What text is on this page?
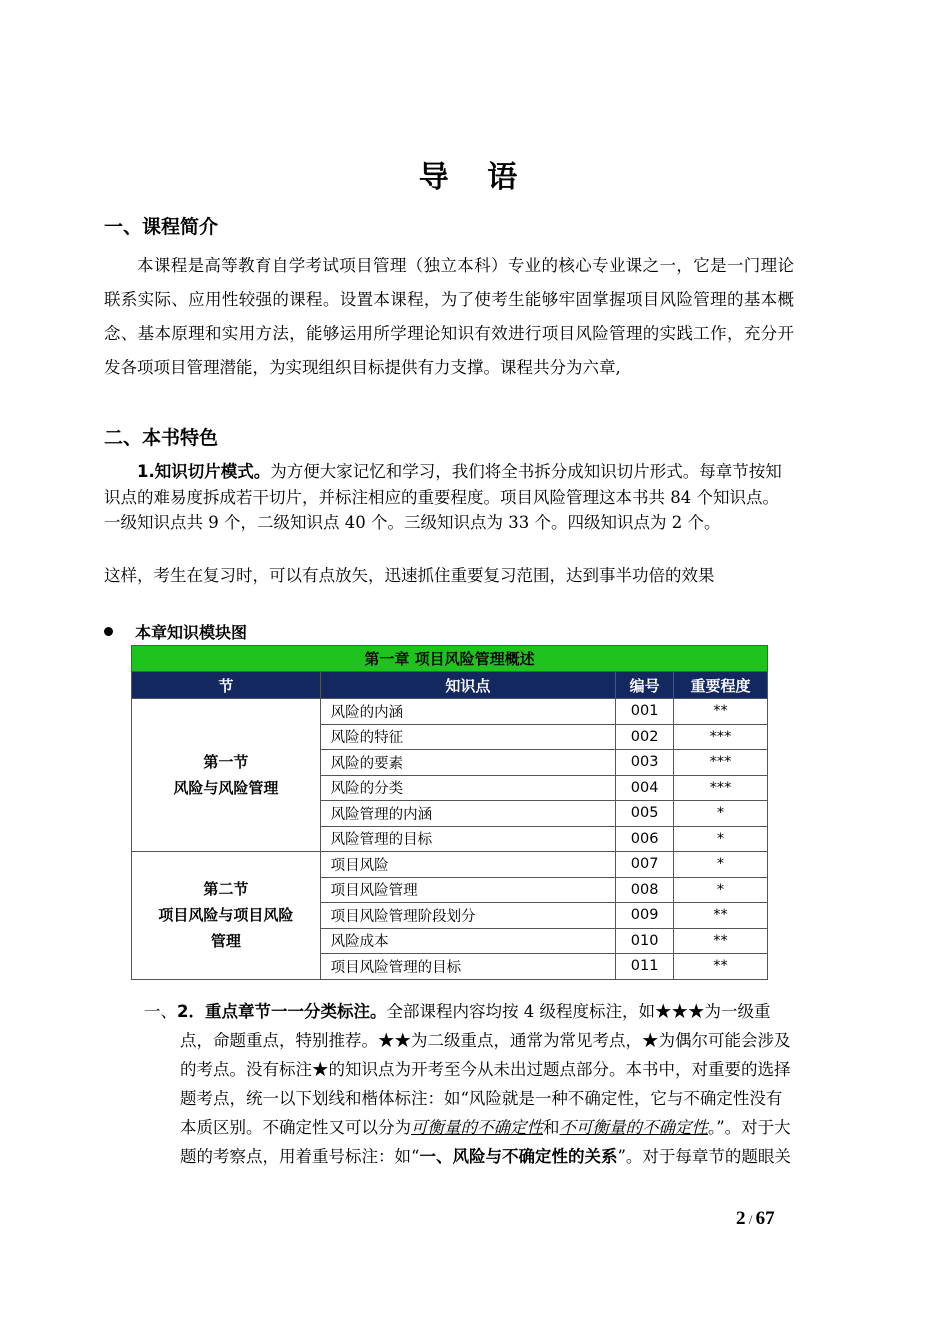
导 语
一、课程简介
本课程是高等教育自学考试项目管理（独立本科）专业的核心专业课之一，它是一门理论联系实际、应用性较强的课程。设置本课程，为了使考生能够牢固掌握项目风险管理的基本概念、基本原理和实用方法，能够运用所学理论知识有效进行项目风险管理的实践工作，充分开发各项项目管理潜能，为实现组织目标提供有力支撑。课程共分为六章,
二、本书特色
1.知识切片模式。为方便大家记忆和学习，我们将全书拆分成知识切片形式。每章节按知识点的难易度拆成若干切片，并标注相应的重要程度。项目风险管理这本书共 84 个知识点。一级知识点共 9 个，二级知识点 40 个。三级知识点为 33 个。四级知识点为 2 个。
这样，考生在复习时，可以有点放矢，迅速抓住重要复习范围，达到事半功倍的效果
本章知识模块图
第一章 项目风险管理概述			
节	知识点	编号	重要程度

第一节
风险与风险管理	风险的内涵	001	**
	风险的特征	002	***
	风险的要素	003	***
	风险的分类	004	***
	风险管理的内涵	005	*
	风险管理的目标	006	*

第二节
项目风险与项目风险
管理	项目风险	007	*
	项目风险管理	008	*
	项目风险管理阶段划分	009	**
	风险成本	010	**
	项目风险管理的目标	011	**

一、2．重点章节一一分类标注。全部课程内容均按 4 级程度标注，如★★★为一级重点，命题重点，特别推荐。★★为二级重点，通常为常见考点，★为偶尔可能会涉及的考点。没有标注★的知识点为开考至今从未出过题点部分。本书中，对重要的选择题考点，统一以下划线和楷体标注：如“风险就是一种不确定性，它与不确定性没有本质区别。不确定性又可以分为可衡量的不确定性和不可衡量的不确定性。”。对于大题的考察点，用着重号标注：如“一、风险与不确定性的关系”。对于每章节的题眼关

2 / 67
